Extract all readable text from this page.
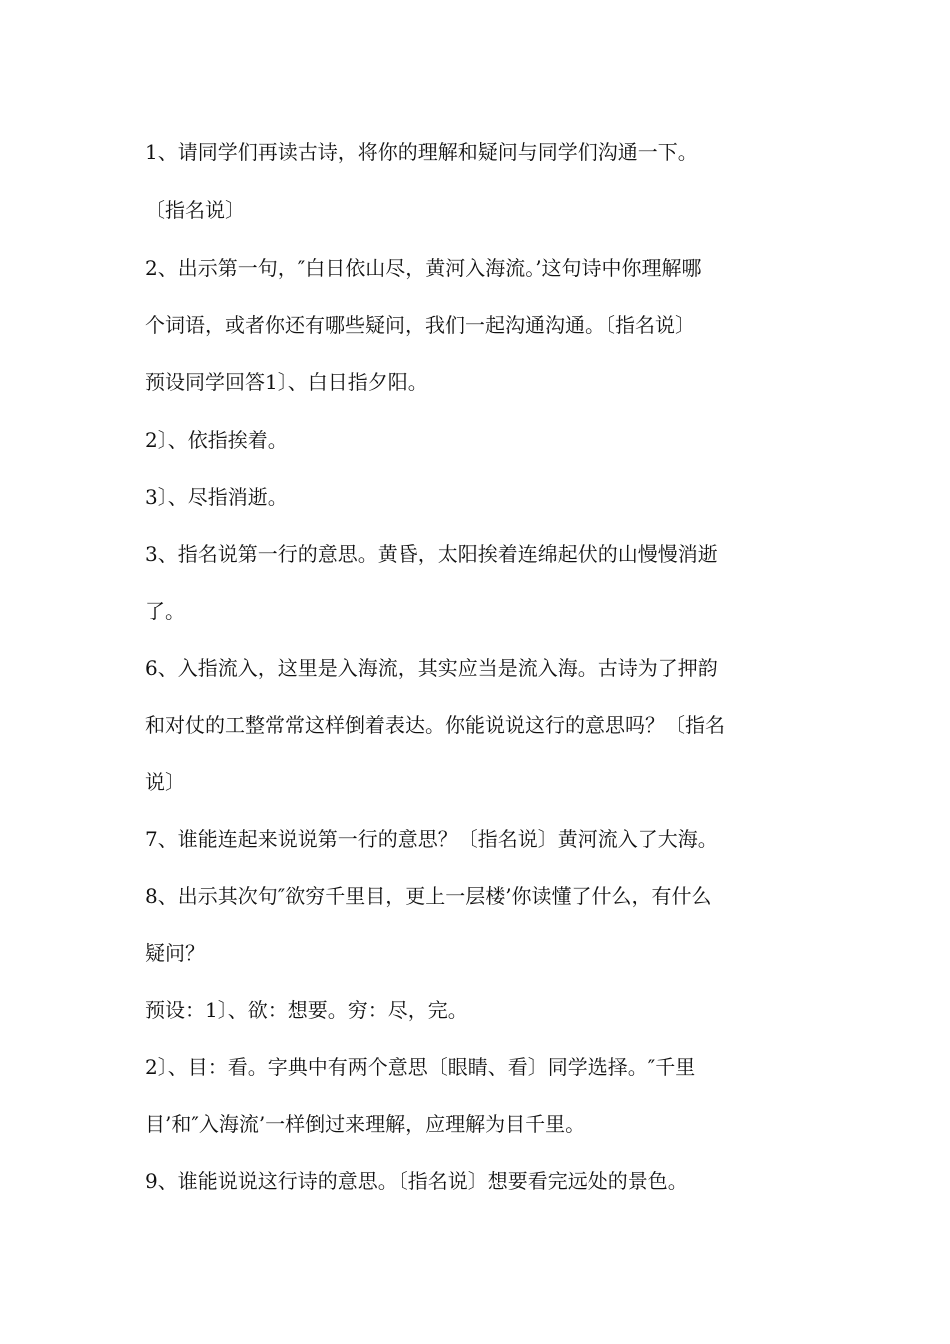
1、请同学们再读古诗，将你的理解和疑问与同学们沟通一下。

〔指名说〕

2、出示第一句，″白日依山尽，黄河入海流。’这句诗中你理解哪

个词语，或者你还有哪些疑问，我们一起沟通沟通。〔指名说〕

预设同学回答1〕、白日指夕阳。

2〕、依指挨着。

3〕、尽指消逝。

3、指名说第一行的意思。黄昏，太阳挨着连绵起伏的山慢慢消逝

了。

6、入指流入，这里是入海流，其实应当是流入海。古诗为了押韵

和对仗的工整常常这样倒着表达。你能说说这行的意思吗？〔指名

说〕

7、谁能连起来说说第一行的意思？〔指名说〕黄河流入了大海。

8、出示其次句″欲穷千里目，更上一层楼’你读懂了什么，有什么

疑问？

预设：1〕、欲：想要。穷：尽，完。

2〕、目：看。字典中有两个意思〔眼睛、看〕同学选择。″千里

目’和″入海流’一样倒过来理解，应理解为目千里。

9、谁能说说这行诗的意思。〔指名说〕想要看完远处的景色。
